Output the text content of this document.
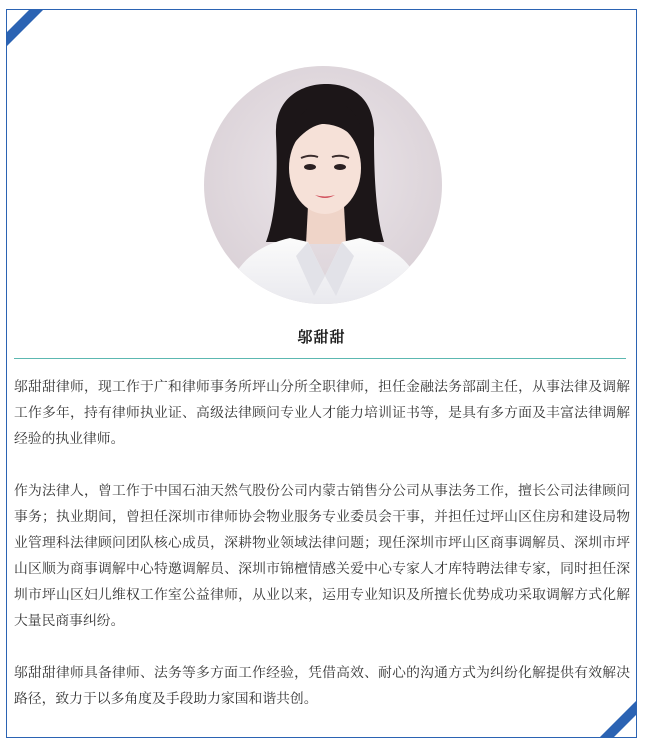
邬甜甜

邬甜甜律师，现工作于广和律师事务所坪山分所全职律师，担任金融法务部副主任，从事法律及调解工作多年，持有律师执业证、高级法律顾问专业人才能力培训证书等，是具有多方面及丰富法律调解经验的执业律师。

作为法律人，曾工作于中国石油天然气股份公司内蒙古销售分公司从事法务工作，擅长公司法律顾问事务；执业期间，曾担任深圳市律师协会物业服务专业委员会干事，并担任过坪山区住房和建设局物业管理科法律顾问团队核心成员，深耕物业领域法律问题；现任深圳市坪山区商事调解员、深圳市坪山区顺为商事调解中心特邀调解员、深圳市锦檀情感关爱中心专家人才库特聘法律专家，同时担任深圳市坪山区妇儿维权工作室公益律师，从业以来，运用专业知识及所擅长优势成功采取调解方式化解大量民商事纠纷。

邬甜甜律师具备律师、法务等多方面工作经验，凭借高效、耐心的沟通方式为纠纷化解提供有效解决路径，致力于以多角度及手段助力家国和谐共创。
